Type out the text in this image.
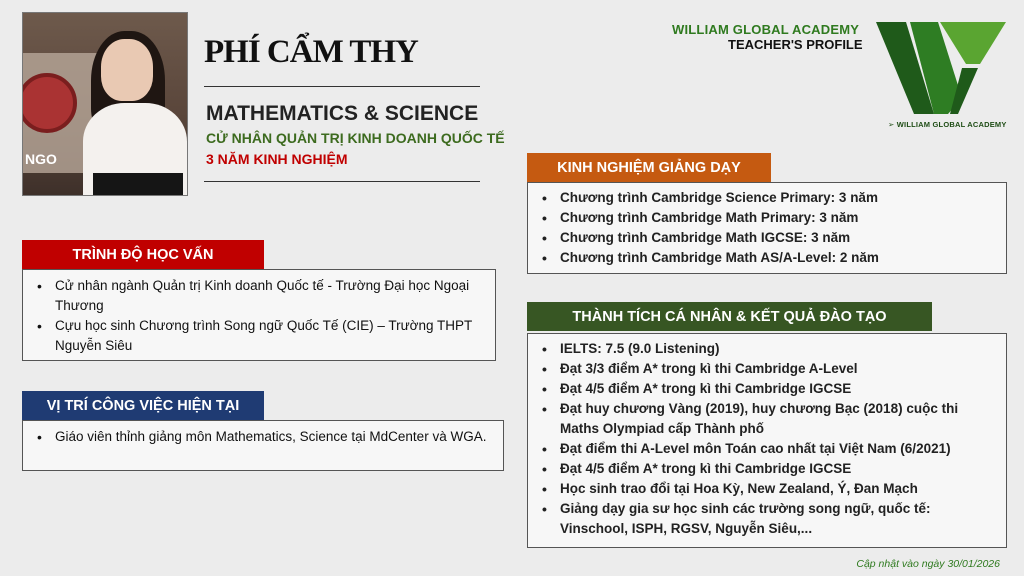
NGO
PHÍ CẨM THY
MATHEMATICS & SCIENCE
CỬ NHÂN QUẢN TRỊ KINH DOANH QUỐC TẾ
3 NĂM KINH NGHIỆM
WILLIAM GLOBAL ACADEMY
TEACHER'S PROFILE
➢ WILLIAM GLOBAL ACADEMY
TRÌNH ĐỘ HỌC VẤN
• Cử nhân ngành Quản trị Kinh doanh Quốc tế - Trường Đại học Ngoại Thương
• Cựu học sinh Chương trình Song ngữ Quốc Tế (CIE) – Trường THPT Nguyễn Siêu
VỊ TRÍ CÔNG VIỆC HIỆN TẠI
• Giáo viên thỉnh giảng môn Mathematics, Science tại MdCenter và WGA.
KINH NGHIỆM GIẢNG DẠY
• Chương trình Cambridge Science Primary: 3 năm
• Chương trình Cambridge Math Primary: 3 năm
• Chương trình Cambridge Math IGCSE: 3 năm
• Chương trình Cambridge Math AS/A-Level: 2 năm
THÀNH TÍCH CÁ NHÂN & KẾT QUẢ ĐÀO TẠO
• IELTS: 7.5 (9.0 Listening)
• Đạt 3/3 điểm A* trong kì thi Cambridge A-Level
• Đạt 4/5 điểm A* trong kì thi Cambridge IGCSE
• Đạt huy chương Vàng (2019), huy chương Bạc (2018) cuộc thi Maths Olympiad cấp Thành phố
• Đạt điểm thi A-Level môn Toán cao nhất tại Việt Nam (6/2021)
• Đạt 4/5 điểm A* trong kì thi Cambridge IGCSE
• Học sinh trao đổi tại Hoa Kỳ, New Zealand, Ý, Đan Mạch
• Giảng dạy gia sư học sinh các trường song ngữ, quốc tế: Vinschool, ISPH, RGSV, Nguyễn Siêu,...
Cập nhật vào ngày 30/01/2026
